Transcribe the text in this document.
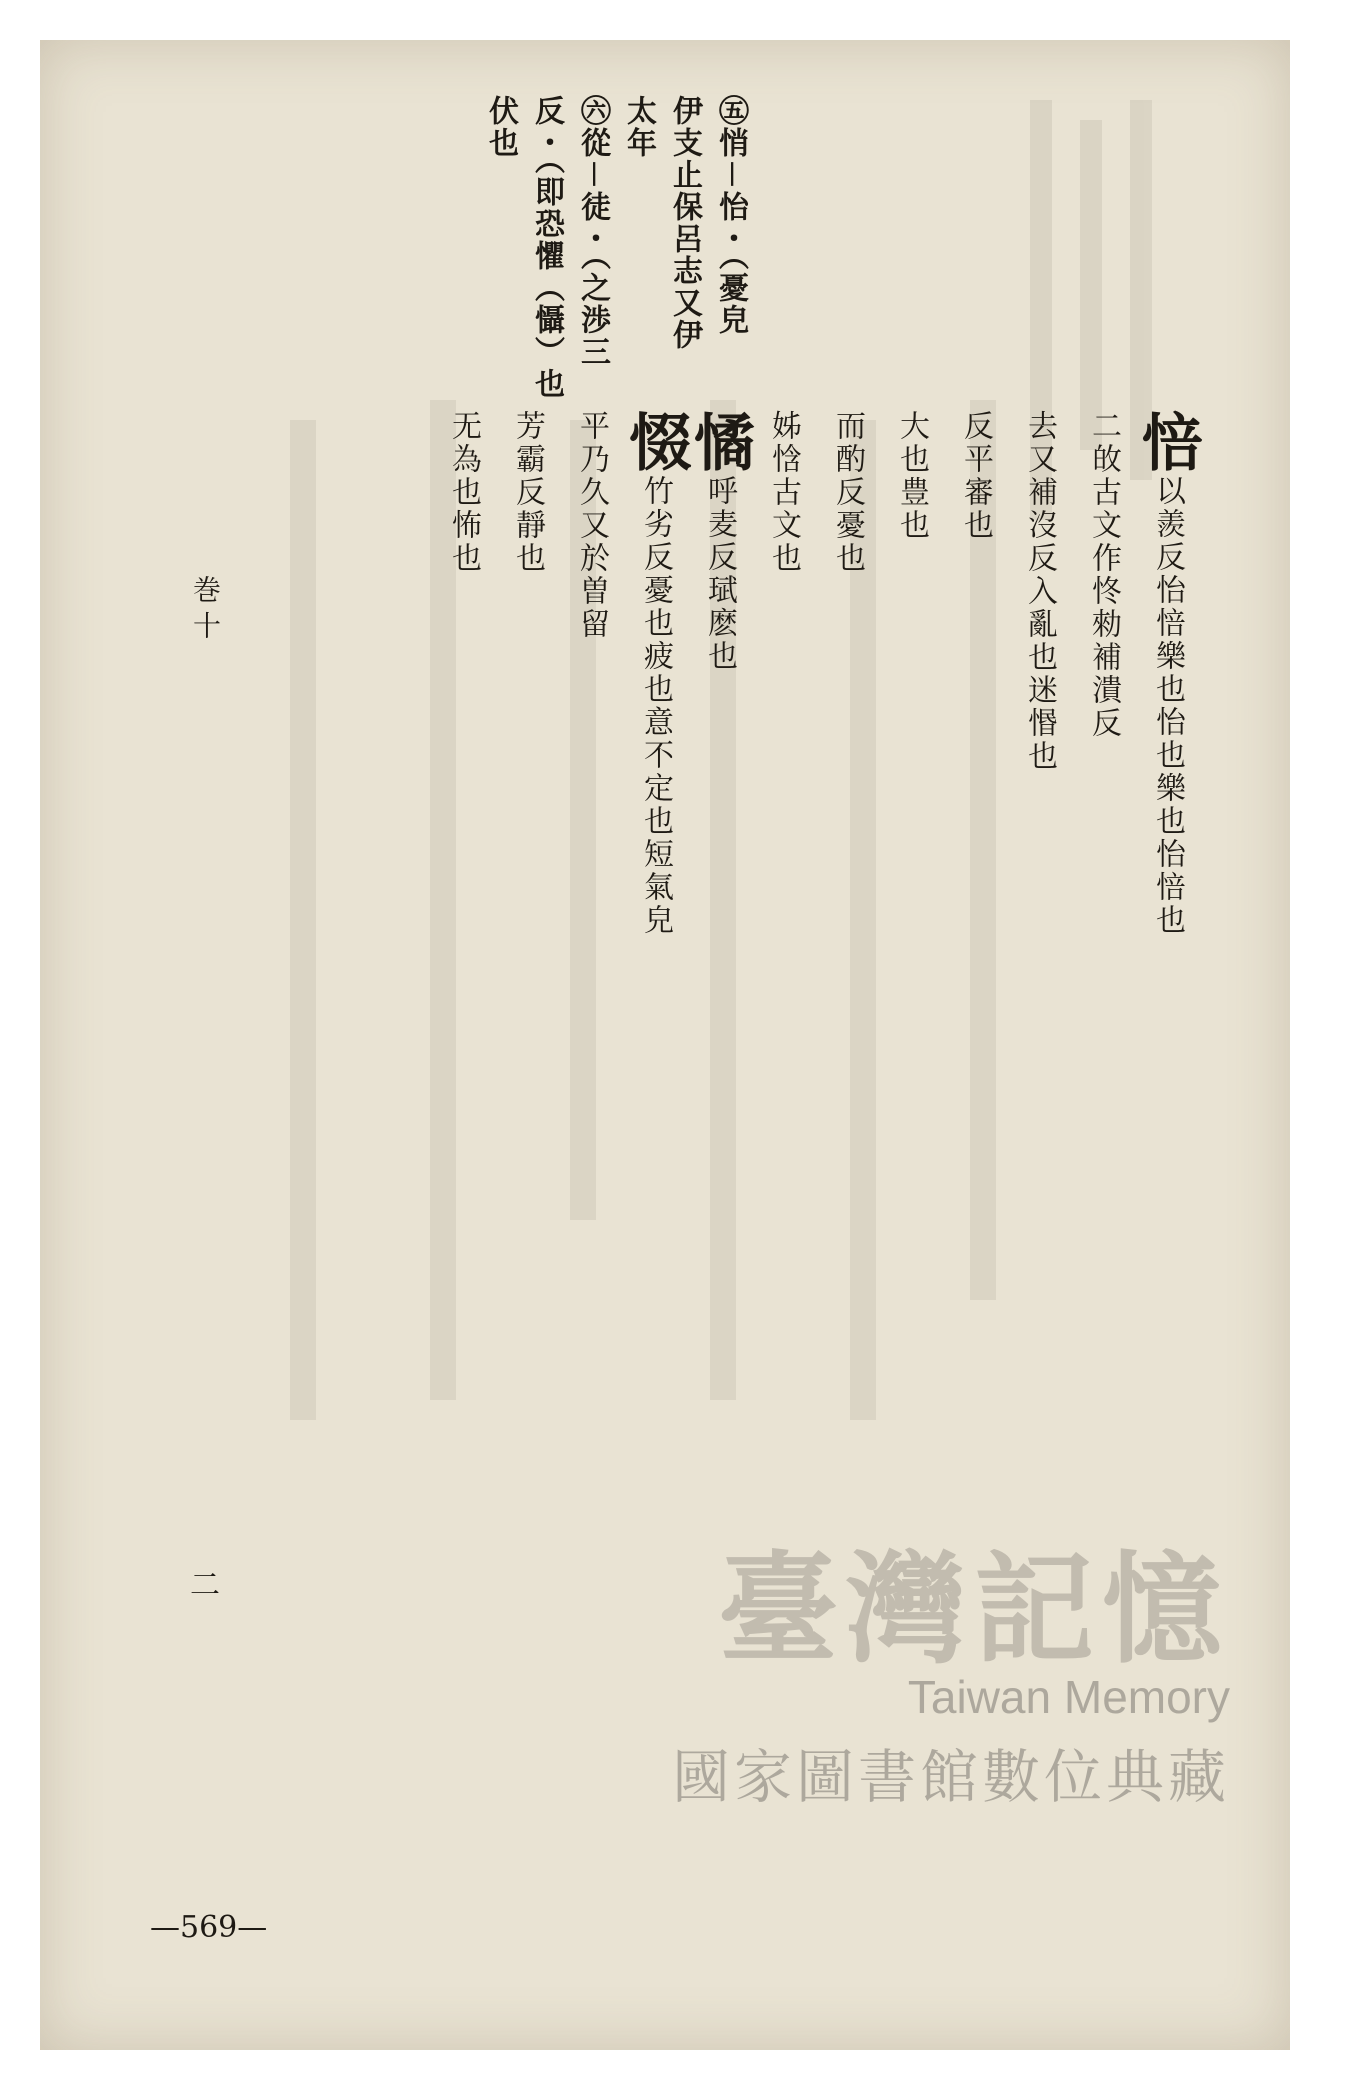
㊄悄－怡・（憂皃
伊支止保呂志又伊
太年
㊅從－徒・（之渉三
反・（即恐懼（懾）也
伏也
㥉以羨反怡㥉樂也怡也樂也怡㥉也
二敀古文作㤏勑補潰反
去又補沒反入亂也迷惽也
反平審也
大也豊也
而酌反憂也
姊㤷古文也
憰呼麦反珷麽也
惙竹劣反憂也疲也意不定也短氣皃
平乃久又於曽留
芳霸反靜也
无為也怖也
巻十
二
—569—
臺灣記憶
Taiwan Memory
國家圖書館數位典藏
